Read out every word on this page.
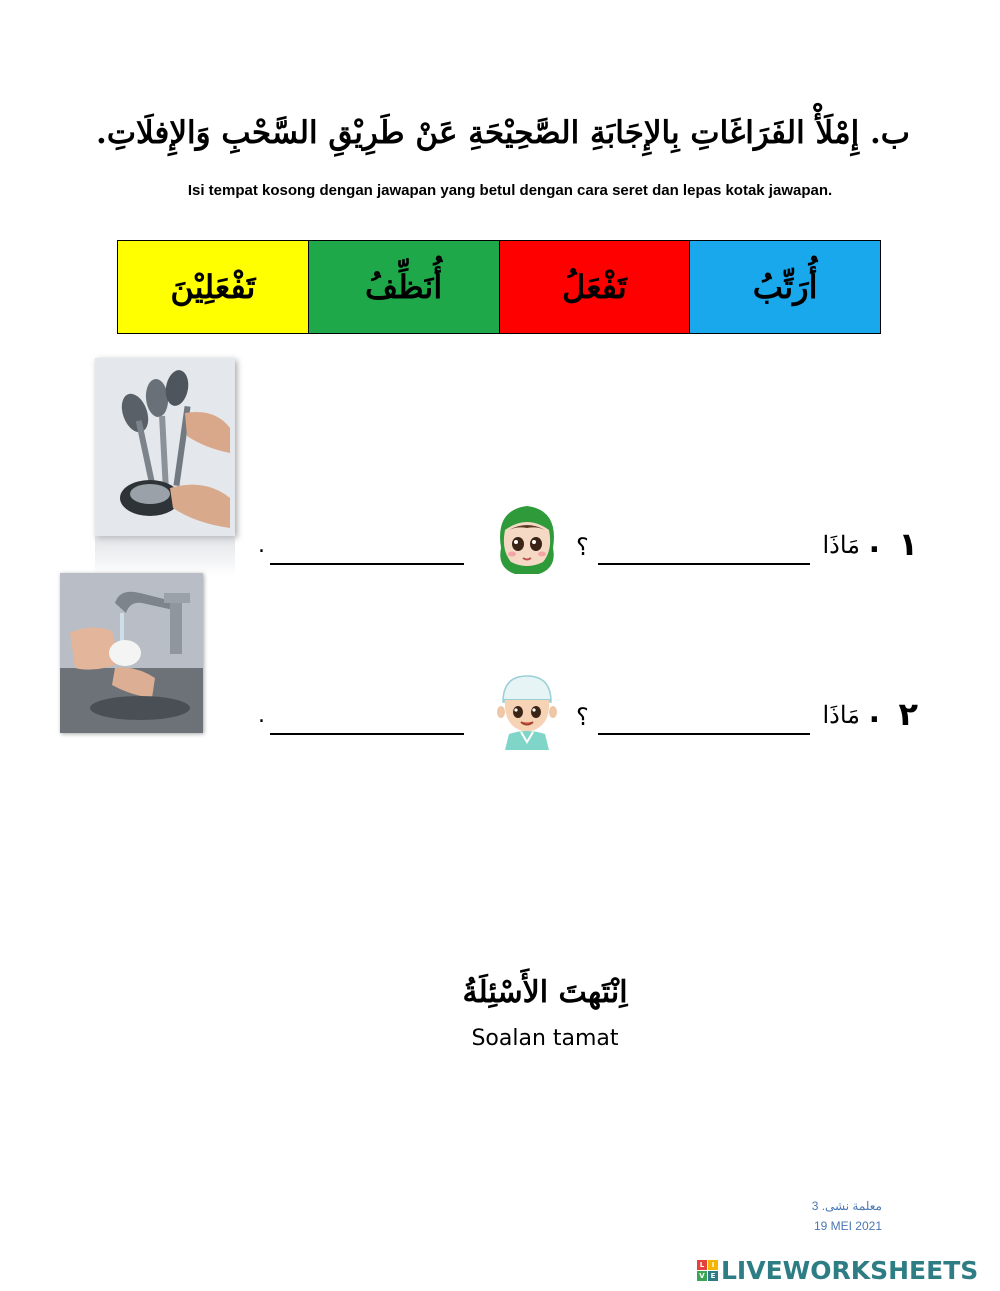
ب. إِمْلَأْ الفَرَاغَاتِ بِالإِجَابَةِ الصَّحِيْحَةِ عَنْ طَرِيْقِ السَّحْبِ وَالإِفلَاتِ.
Isi tempat kosong dengan jawapan yang betul dengan cara seret dan lepas kotak jawapan.
تَفْعَلِيْنَ	أُنَظِّفُ	تَفْعَلُ	أُرَتِّبُ
١
.
مَاذَا
؟
.
٢
.
مَاذَا
؟
.
اِنْتَهتَ الأَسْئِلَةُ
Soalan tamat
3 .معلمة نشى
19 MEI 2021
L	I
V E LIVEWORKSHEETS
